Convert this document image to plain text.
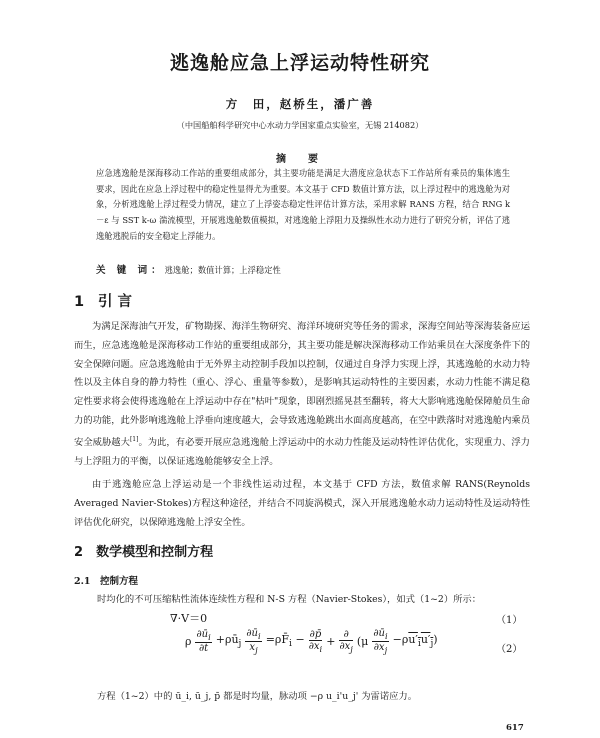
逃逸舱应急上浮运动特性研究
方　田，赵桥生，潘广善
（中国船舶科学研究中心水动力学国家重点实验室，无锡 214082）
摘　要
应急逃逸舱是深海移动工作站的重要组成部分，其主要功能是满足大潜度应急状态下工作站所有乘员的集体逃生要求，因此在应急上浮过程中的稳定性显得尤为重要。本文基于 CFD 数值计算方法，以上浮过程中的逃逸舱为对象，分析逃逸舱上浮过程受力情况，建立了上浮姿态稳定性评估计算方法，采用求解 RANS 方程，结合 RNG k－ε 与 SST k-ω 湍流模型，开展逃逸舱数值模拟，对逃逸舱上浮阻力及操纵性水动力进行了研究分析，评估了逃逸舱逃脱后的安全稳定上浮能力。
关 键 词：逃逸舱；数值计算；上浮稳定性
1 引 言
为满足深海油气开发，矿物勘探、海洋生物研究、海洋环境研究等任务的需求，深海空间站等深海装备应运而生，应急逃逸舱是深海移动工作站的重要组成部分，其主要功能是解决深海移动工作站乘员在大深度条件下的安全保障问题。应急逃逸舱由于无外界主动控制手段加以控制，仅通过自身浮力实现上浮，其逃逸舱的水动力特性以及主体自身的静力特性（重心、浮心、重量等参数），是影响其运动特性的主要因素，水动力性能不满足稳定性要求将会使得逃逸舱在上浮运动中存在"枯叶"现象，即剧烈摇晃甚至翻转，将大大影响逃逸舱保障舱员生命力的功能，此外影响逃逸舱上浮垂向速度越大，会导致逃逸舱跳出水面高度越高，在空中跌落时对逃逸舱内乘员安全威胁越大[1]。为此，有必要开展应急逃逸舱上浮运动中的水动力性能及运动特性评估优化，实现重力、浮力与上浮阻力的平衡，以保证逃逸舱能够安全上浮。
由于逃逸舱应急上浮运动是一个非线性运动过程，本文基于 CFD 方法，数值求解 RANS(Reynolds Averaged Navier-Stokes)方程这种途径，并结合不同旋涡模式，深入开展逃逸舱水动力运动特性及运动特性评估优化研究，以保障逃逸舱上浮安全性。
2　 数学模型和控制方程
2.1　 控制方程
时均化的不可压缩粘性流体连续性方程和 N-S 方程（Navier-Stokes），如式（1~2）所示：
∇·V＝0	（1）
ρ $\frac{\partial ū_i}{\partial t}$ $+\rho ū_j \frac{\partial ū_i}{x_j}$ $=\rho F̄_i - \frac{\partial p̄}{\partial x_i} + \frac{\partial}{\partial x_j} (\mu \frac{\partial ū_i}{\partial x_j} -\rho u'_iu'_j)$
（2）
方程（1~2）中的 ū_i, ū_j, p̄ 都是时均量，脉动项 −ρ u_i'u_j' 为雷诺应力。
617
